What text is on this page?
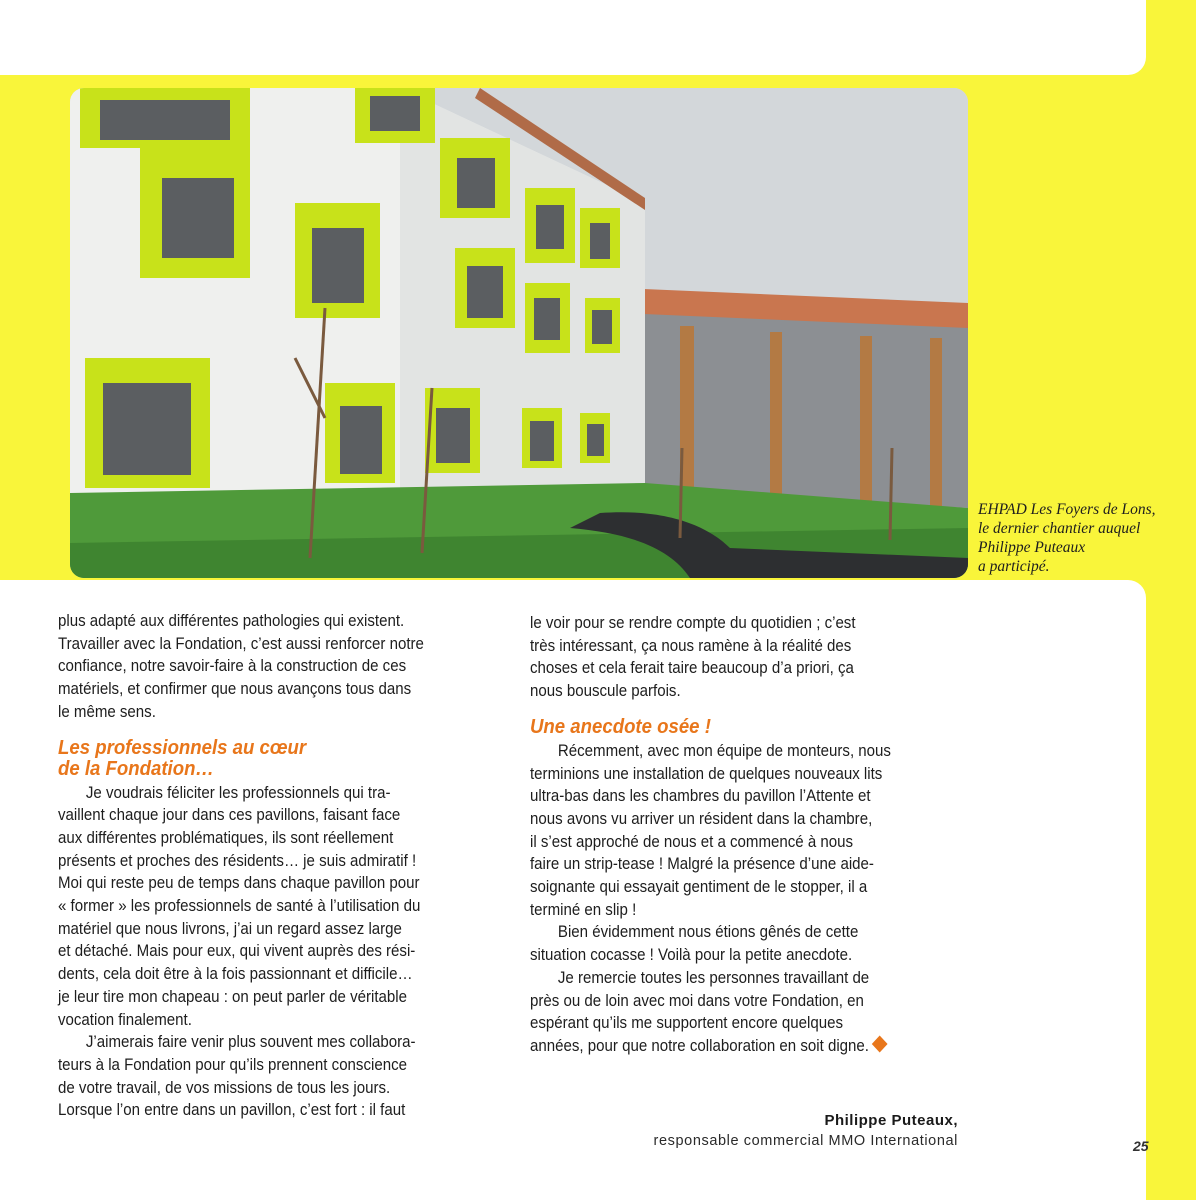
EHPAD Les Foyers de Lons,
le dernier chantier auquel
Philippe Puteaux
a participé.

plus adapté aux différentes pathologies qui existent.
Travailler avec la Fondation, c’est aussi renforcer notre
confiance, notre savoir-faire à la construction de ces
matériels, et confirmer que nous avançons tous dans
le même sens.

Les professionnels au cœur
de la Fondation…

Je voudrais féliciter les professionnels qui tra-
vaillent chaque jour dans ces pavillons, faisant face
aux différentes problématiques, ils sont réellement
présents et proches des résidents… je suis admiratif !
Moi qui reste peu de temps dans chaque pavillon pour
« former » les professionnels de santé à l’utilisation du
matériel que nous livrons, j’ai un regard assez large
et détaché. Mais pour eux, qui vivent auprès des rési-
dents, cela doit être à la fois passionnant et difficile…
je leur tire mon chapeau : on peut parler de véritable
vocation finalement.

J’aimerais faire venir plus souvent mes collabora-
teurs à la Fondation pour qu’ils prennent conscience
de votre travail, de vos missions de tous les jours.
Lorsque l’on entre dans un pavillon, c’est fort : il faut

le voir pour se rendre compte du quotidien ; c’est
très intéressant, ça nous ramène à la réalité des
choses et cela ferait taire beaucoup d’a priori, ça
nous bouscule parfois.

Une anecdote osée !

Récemment, avec mon équipe de monteurs, nous
terminions une installation de quelques nouveaux lits
ultra-bas dans les chambres du pavillon l’Attente et
nous avons vu arriver un résident dans la chambre,
il s’est approché de nous et a commencé à nous
faire un strip-tease ! Malgré la présence d’une aide-
soignante qui essayait gentiment de le stopper, il a
terminé en slip !

Bien évidemment nous étions gênés de cette
situation cocasse ! Voilà pour la petite anecdote.

Je remercie toutes les personnes travaillant de
près ou de loin avec moi dans votre Fondation, en
espérant qu’ils me supportent encore quelques
années, pour que notre collaboration en soit digne.

Philippe Puteaux,
responsable commercial MMO International	25
